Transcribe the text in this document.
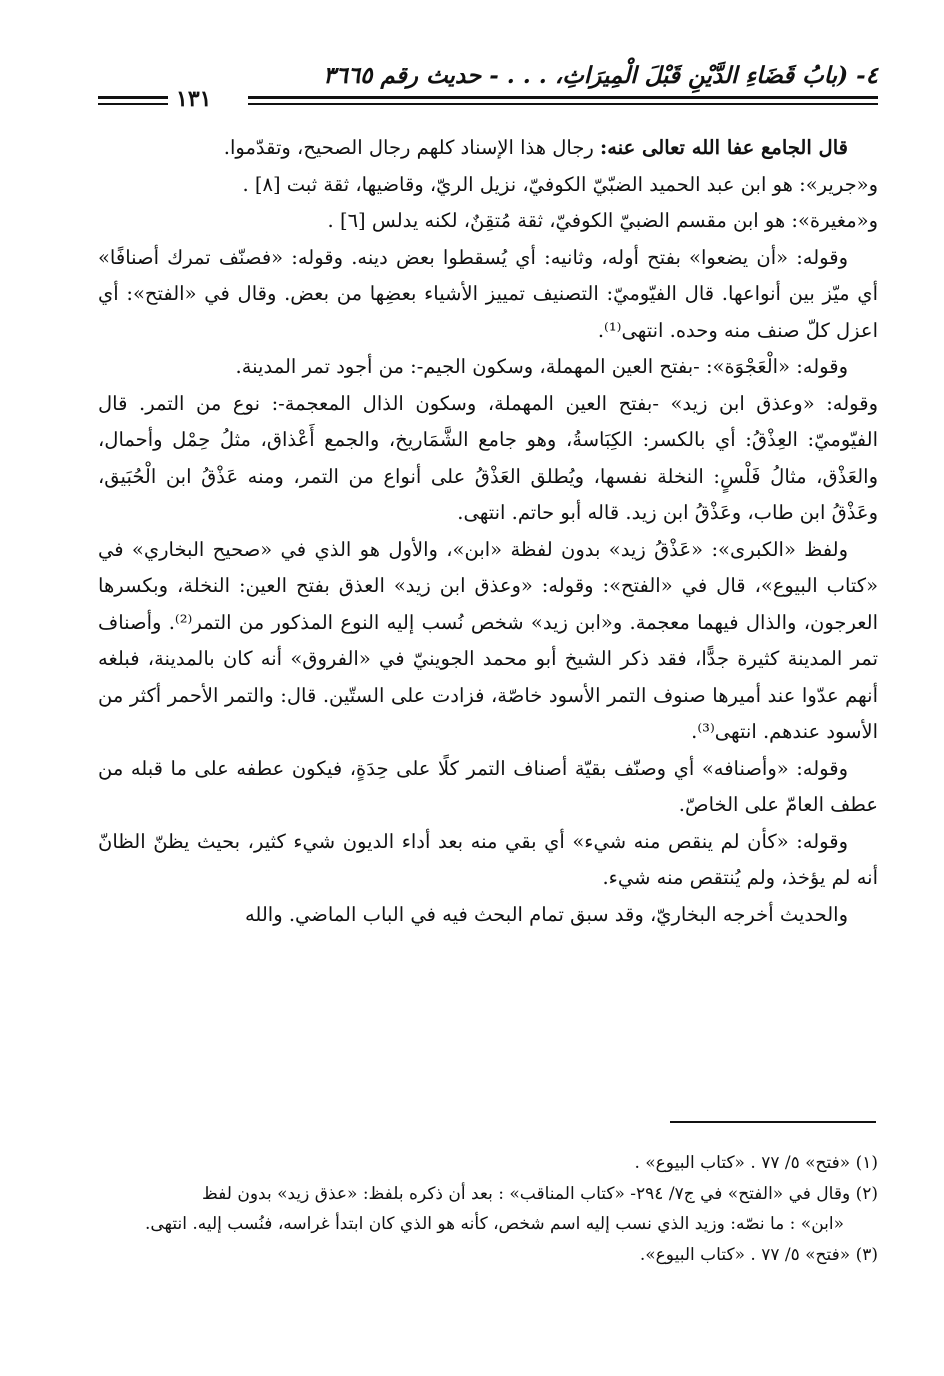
٤- (بابُ قَضَاءِ الدَّيْنِ قَبْلَ الْمِيرَاثِ، . . . - حديث رقم ٣٦٦٥
١٣١

قال الجامع عفا الله تعالى عنه: رجال هذا الإسناد كلهم رجال الصحيح، وتقدّموا.

و«جرير»: هو ابن عبد الحميد الضبّيّ الكوفيّ، نزيل الريّ، وقاضيها، ثقة ثبت [٨] .

و«مغيرة»: هو ابن مقسم الضبيّ الكوفيّ، ثقة مُتقِنٌ، لكنه يدلس [٦] .

وقوله: «أن يضعوا» بفتح أوله، وثانيه: أي يُسقطوا بعض دينه. وقوله: «فصنّف تمرك أصنافًا» أي ميّز بين أنواعها. قال الفيّوميّ: التصنيف تمييز الأشياء بعضِها من بعض. وقال في «الفتح»: أي اعزل كلّ صنف منه وحده. انتهى⁽¹⁾.

وقوله: «الْعَجْوَة»: -بفتح العين المهملة، وسكون الجيم-: من أجود تمر المدينة.

وقوله: «وعذق ابن زيد» -بفتح العين المهملة، وسكون الذال المعجمة-: نوع من التمر. قال الفيّوميّ: العِذْقُ: أي بالكسر: الكِبَاسةُ، وهو جامع الشَّمَاريخ، والجمع أَعْذاق، مثلُ حِمْل وأحمال، والعَذْق، مثالُ فَلْسٍ: النخلة نفسها، ويُطلق العَذْقُ على أنواع من التمر، ومنه عَذْقُ ابن الْحُبَيق، وعَذْقُ ابن طاب، وعَذْقُ ابن زيد. قاله أبو حاتم. انتهى.

ولفظ «الكبرى»: «عَذْقُ زيد» بدون لفظة «ابن»، والأول هو الذي في «صحيح البخاري» في «كتاب البيوع»، قال في «الفتح»: وقوله: «وعذق ابن زيد» العذق بفتح العين: النخلة، وبكسرها العرجون، والذال فيهما معجمة. و«ابن زيد» شخص نُسب إليه النوع المذكور من التمر⁽²⁾. وأصناف تمر المدينة كثيرة جدًّا، فقد ذكر الشيخ أبو محمد الجوينيّ في «الفروق» أنه كان بالمدينة، فبلغه أنهم عدّوا عند أميرها صنوف التمر الأسود خاصّة، فزادت على الستّين. قال: والتمر الأحمر أكثر من الأسود عندهم. انتهى⁽³⁾.

وقوله: «وأصنافه» أي وصنّف بقيّة أصناف التمر كلًا على حِدَةٍ، فيكون عطفه على ما قبله من عطف العامّ على الخاصّ.

وقوله: «كأن لم ينقص منه شيء» أي بقي منه بعد أداء الديون شيء كثير، بحيث يظنّ الظانّ أنه لم يؤخذ، ولم يُنتقص منه شيء.

والحديث أخرجه البخاريّ، وقد سبق تمام البحث فيه في الباب الماضي. والله

(١) «فتح» ٥/ ٧٧ . «كتاب البيوع» .

(٢) وقال في «الفتح» في ج٧/ ٢٩٤- «كتاب المناقب» : بعد أن ذكره بلفظ: «عذق زيد» بدون لفظ

«ابن» : ما نصّه: وزيد الذي نسب إليه اسم شخص، كأنه هو الذي كان ابتدأ غراسه، فنُسب إليه. انتهى.

(٣) «فتح» ٥/ ٧٧ . «كتاب البيوع».
